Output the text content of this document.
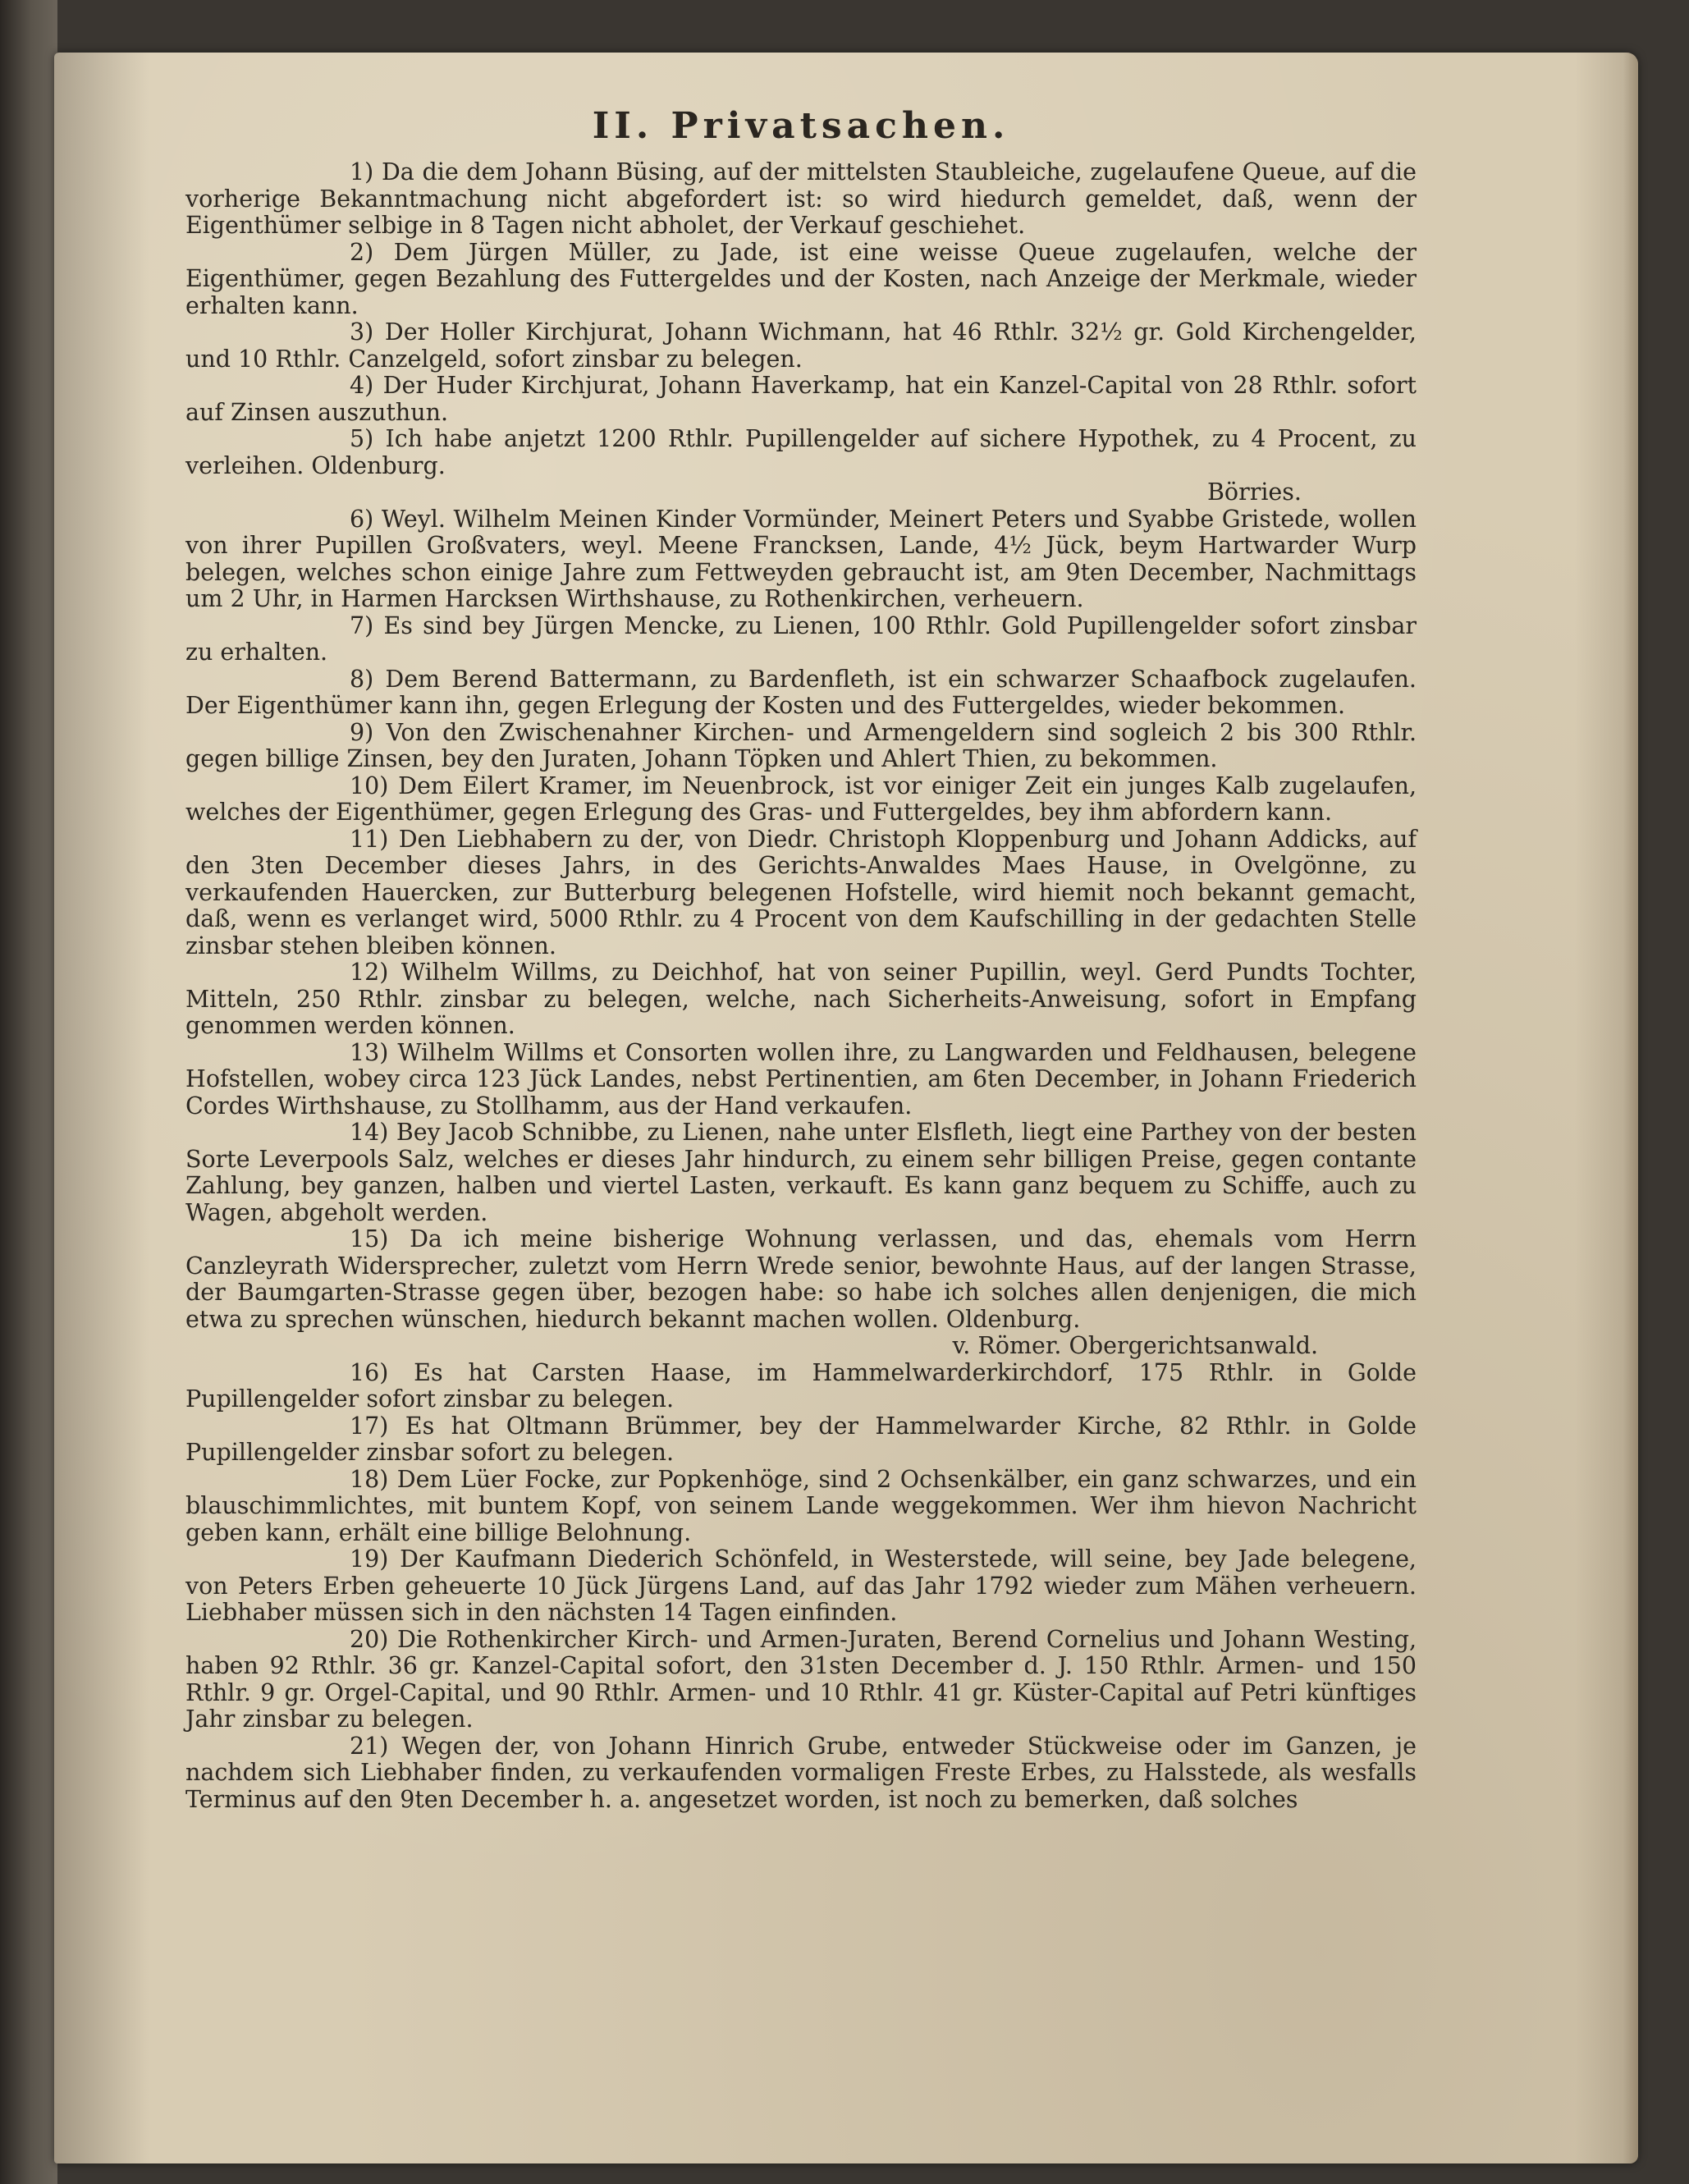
II. Privatsachen.

1) Da die dem Johann Büsing, auf der mittelsten Staubleiche, zugelaufene Queue, auf die vorherige Bekanntmachung nicht abgefordert ist: so wird hiedurch gemeldet, daß, wenn der Eigenthümer selbige in 8 Tagen nicht abholet, der Verkauf geschiehet.

2) Dem Jürgen Müller, zu Jade, ist eine weisse Queue zugelaufen, welche der Eigenthümer, gegen Bezahlung des Futtergeldes und der Kosten, nach Anzeige der Merkmale, wieder erhalten kann.

3) Der Holler Kirchjurat, Johann Wichmann, hat 46 Rthlr. 32½ gr. Gold Kirchengelder, und 10 Rthlr. Canzelgeld, sofort zinsbar zu belegen.

4) Der Huder Kirchjurat, Johann Haverkamp, hat ein Kanzel-Capital von 28 Rthlr. sofort auf Zinsen auszuthun.

5) Ich habe anjetzt 1200 Rthlr. Pupillengelder auf sichere Hypothek, zu 4 Procent, zu verleihen. Oldenburg.

Börries.

6) Weyl. Wilhelm Meinen Kinder Vormünder, Meinert Peters und Syabbe Gristede, wollen von ihrer Pupillen Großvaters, weyl. Meene Francksen, Lande, 4½ Jück, beym Hartwarder Wurp belegen, welches schon einige Jahre zum Fettweyden gebraucht ist, am 9ten December, Nachmittags um 2 Uhr, in Harmen Harcksen Wirthshause, zu Rothenkirchen, verheuern.

7) Es sind bey Jürgen Mencke, zu Lienen, 100 Rthlr. Gold Pupillengelder sofort zinsbar zu erhalten.

8) Dem Berend Battermann, zu Bardenfleth, ist ein schwarzer Schaafbock zugelaufen. Der Eigenthümer kann ihn, gegen Erlegung der Kosten und des Futtergeldes, wieder bekommen.

9) Von den Zwischenahner Kirchen- und Armengeldern sind sogleich 2 bis 300 Rthlr. gegen billige Zinsen, bey den Juraten, Johann Töpken und Ahlert Thien, zu bekommen.

10) Dem Eilert Kramer, im Neuenbrock, ist vor einiger Zeit ein junges Kalb zugelaufen, welches der Eigenthümer, gegen Erlegung des Gras- und Futtergeldes, bey ihm abfordern kann.

11) Den Liebhabern zu der, von Diedr. Christoph Kloppenburg und Johann Addicks, auf den 3ten December dieses Jahrs, in des Gerichts-Anwaldes Maes Hause, in Ovelgönne, zu verkaufenden Hauercken, zur Butterburg belegenen Hofstelle, wird hiemit noch bekannt gemacht, daß, wenn es verlanget wird, 5000 Rthlr. zu 4 Procent von dem Kaufschilling in der gedachten Stelle zinsbar stehen bleiben können.

12) Wilhelm Willms, zu Deichhof, hat von seiner Pupillin, weyl. Gerd Pundts Tochter, Mitteln, 250 Rthlr. zinsbar zu belegen, welche, nach Sicherheits-Anweisung, sofort in Empfang genommen werden können.

13) Wilhelm Willms et Consorten wollen ihre, zu Langwarden und Feldhausen, belegene Hofstellen, wobey circa 123 Jück Landes, nebst Pertinentien, am 6ten December, in Johann Friederich Cordes Wirthshause, zu Stollhamm, aus der Hand verkaufen.

14) Bey Jacob Schnibbe, zu Lienen, nahe unter Elsfleth, liegt eine Parthey von der besten Sorte Leverpools Salz, welches er dieses Jahr hindurch, zu einem sehr billigen Preise, gegen contante Zahlung, bey ganzen, halben und viertel Lasten, verkauft. Es kann ganz bequem zu Schiffe, auch zu Wagen, abgeholt werden.

15) Da ich meine bisherige Wohnung verlassen, und das, ehemals vom Herrn Canzleyrath Widersprecher, zuletzt vom Herrn Wrede senior, bewohnte Haus, auf der langen Strasse, der Baumgarten-Strasse gegen über, bezogen habe: so habe ich solches allen denjenigen, die mich etwa zu sprechen wünschen, hiedurch bekannt machen wollen. Oldenburg.

v. Römer. Obergerichtsanwald.

16) Es hat Carsten Haase, im Hammelwarderkirchdorf, 175 Rthlr. in Golde Pupillengelder sofort zinsbar zu belegen.

17) Es hat Oltmann Brümmer, bey der Hammelwarder Kirche, 82 Rthlr. in Golde Pupillengelder zinsbar sofort zu belegen.

18) Dem Lüer Focke, zur Popkenhöge, sind 2 Ochsenkälber, ein ganz schwarzes, und ein blauschimmlichtes, mit buntem Kopf, von seinem Lande weggekommen. Wer ihm hievon Nachricht geben kann, erhält eine billige Belohnung.

19) Der Kaufmann Diederich Schönfeld, in Westerstede, will seine, bey Jade belegene, von Peters Erben geheuerte 10 Jück Jürgens Land, auf das Jahr 1792 wieder zum Mähen verheuern. Liebhaber müssen sich in den nächsten 14 Tagen einfinden.

20) Die Rothenkircher Kirch- und Armen-Juraten, Berend Cornelius und Johann Westing, haben 92 Rthlr. 36 gr. Kanzel-Capital sofort, den 31sten December d. J. 150 Rthlr. Armen- und 150 Rthlr. 9 gr. Orgel-Capital, und 90 Rthlr. Armen- und 10 Rthlr. 41 gr. Küster-Capital auf Petri künftiges Jahr zinsbar zu belegen.

21) Wegen der, von Johann Hinrich Grube, entweder Stückweise oder im Ganzen, je nachdem sich Liebhaber finden, zu verkaufenden vormaligen Freste Erbes, zu Halsstede, als wesfalls Terminus auf den 9ten December h. a. angesetzet worden, ist noch zu bemerken, daß solches
